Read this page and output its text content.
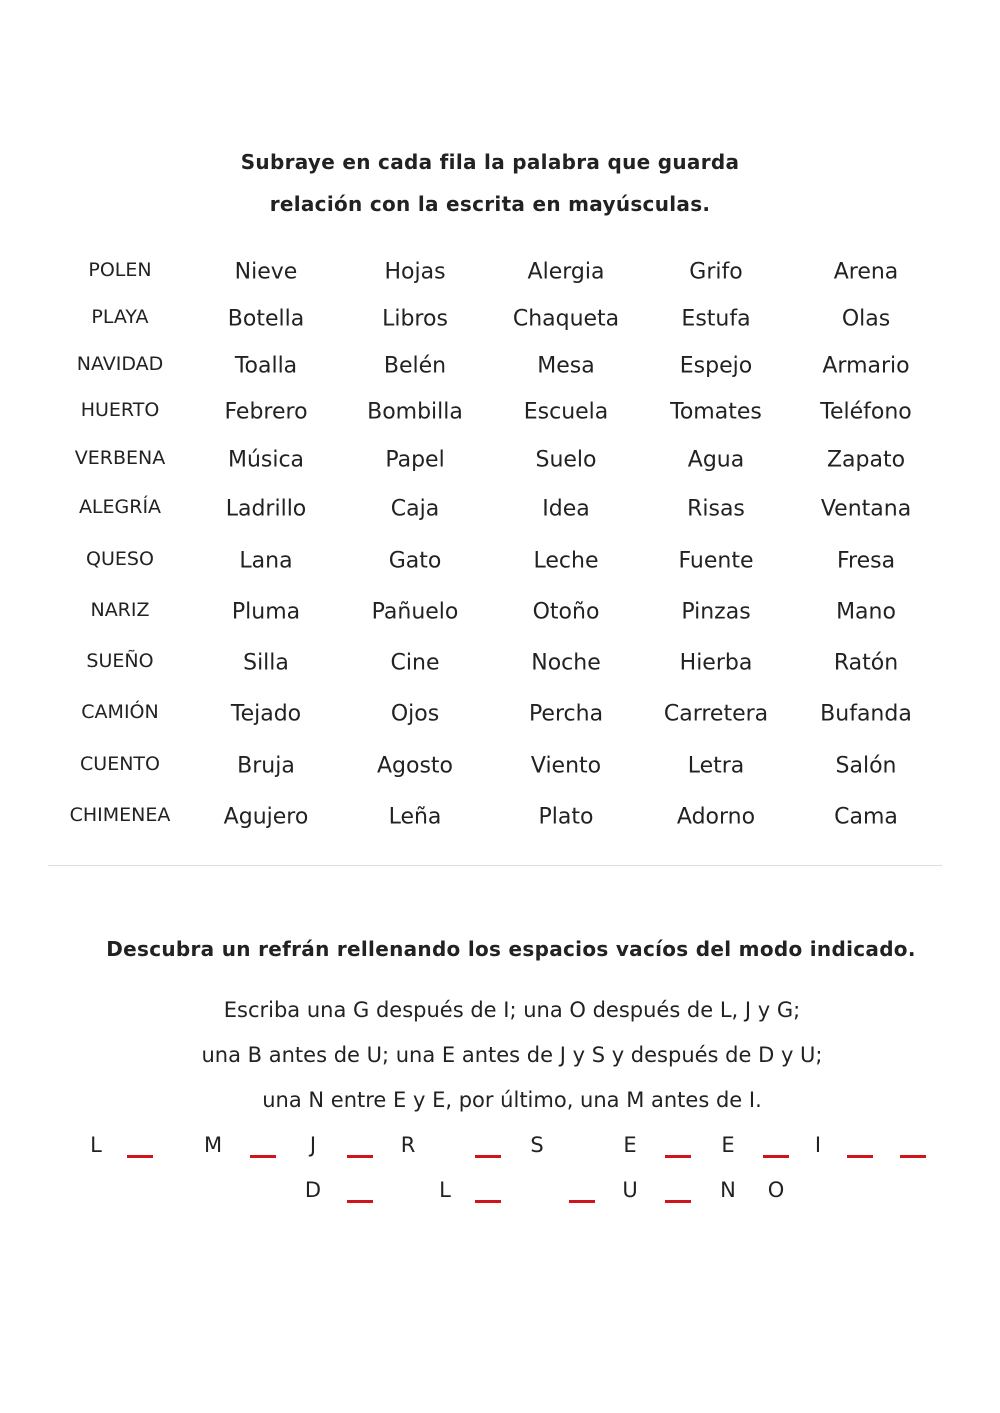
Subraye en cada fila la palabra que guarda
relación con la escrita en mayúsculas.
POLEN	Nieve	Hojas	Alergia	Grifo	Arena
PLAYA	Botella	Libros	Chaqueta	Estufa	Olas
NAVIDAD	Toalla	Belén	Mesa	Espejo	Armario
HUERTO	Febrero	Bombilla	Escuela	Tomates	Teléfono
VERBENA	Música	Papel	Suelo	Agua	Zapato
ALEGRÍA	Ladrillo	Caja	Idea	Risas	Ventana
QUESO	Lana	Gato	Leche	Fuente	Fresa
NARIZ	Pluma	Pañuelo	Otoño	Pinzas	Mano
SUEÑO	Silla	Cine	Noche	Hierba	Ratón
CAMIÓN	Tejado	Ojos	Percha	Carretera Bufanda
CUENTO	Bruja	Agosto	Viento	Letra	Salón
CHIMENEA Agujero	Leña	Plato	Adorno	Cama
Descubra un refrán rellenando los espacios vacíos del modo indicado.
Escriba una G después de I; una O después de L, J y G;
una B antes de U; una E antes de J y S y después de D y U;
una N entre E y E, por último, una M antes de I.
L	M	J	R	S	E	E	I
D	L	U	N O
